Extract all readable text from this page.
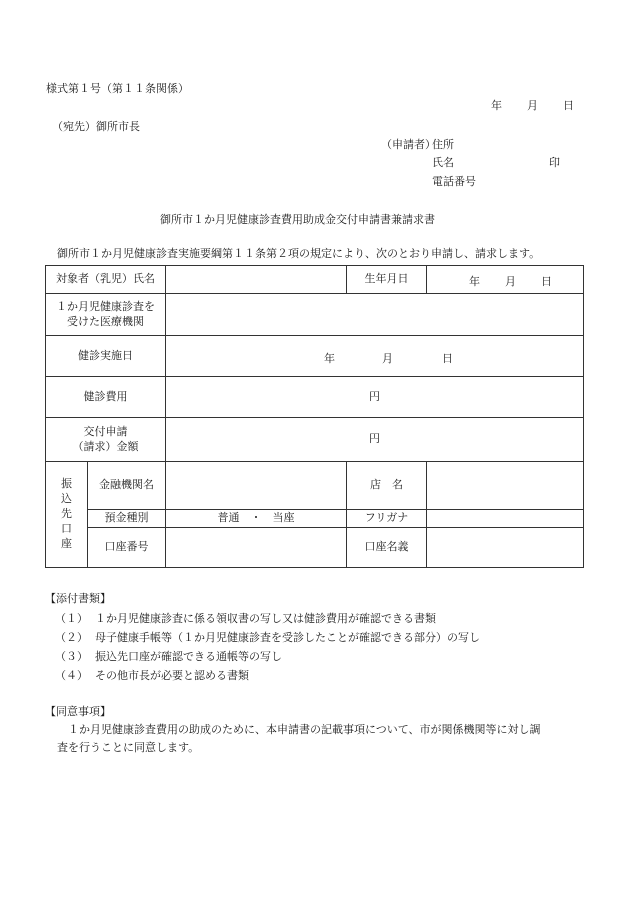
様式第１号（第１１条関係）
年 月 日
（宛先）御所市長
（申請者）
住所
氏名	印
電話番号
御所市１か月児健康診査費用助成金交付申請書兼請求書
御所市１か月児健康診査実施要綱第１１条第２項の規定により、次のとおり申請し、請求します。
対象者（乳児）氏名			生年月日	年 月 日

１か月児健康診査を
受けた医療機関				

健診実施日		年 月 日		

健診費用		円		

交付申請
（請求）金額		円		

振
込
先
口
座	金融機関名		店　名	
	預金種別	普通　・　当座	フリガナ	
	口座番号		口座名義	
【添付書類】
（１） １か月児健康診査に係る領収書の写し又は健診費用が確認できる書類
（２） 母子健康手帳等（１か月児健康診査を受診したことが確認できる部分）の写し
（３） 振込先口座が確認できる通帳等の写し
（４） その他市長が必要と認める書類
【同意事項】
１か月児健康診査費用の助成のために、本申請書の記載事項について、市が関係機関等に対し調
査を行うことに同意します。
